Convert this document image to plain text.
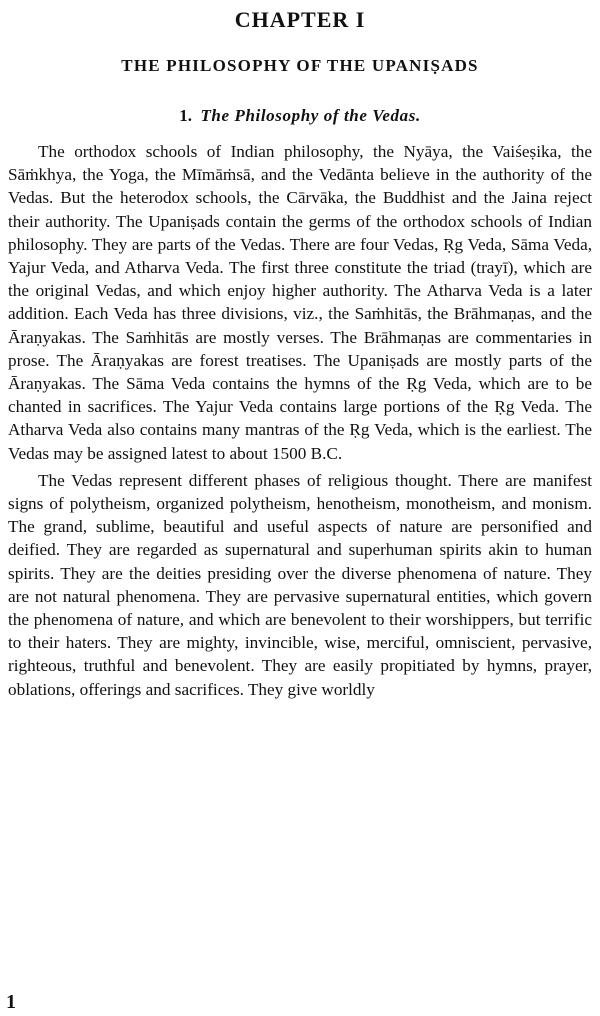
CHAPTER I
THE PHILOSOPHY OF THE UPANIṢADS
1. The Philosophy of the Vedas.

The orthodox schools of Indian philosophy, the Nyāya, the Vaiśeṣika, the Sāṁkhya, the Yoga, the Mīmāṁsā, and the Vedānta believe in the authority of the Vedas. But the heterodox schools, the Cārvāka, the Buddhist and the Jaina reject their authority. The Upaniṣads contain the germs of the orthodox schools of Indian philosophy. They are parts of the Vedas. There are four Vedas, Ṛg Veda, Sāma Veda, Yajur Veda, and Atharva Veda. The first three constitute the triad (trayī), which are the original Vedas, and which enjoy higher authority. The Atharva Veda is a later addition. Each Veda has three divisions, viz., the Saṁhitās, the Brāhmaṇas, and the Āraṇyakas. The Saṁhitās are mostly verses. The Brāhmaṇas are commentaries in prose. The Āraṇyakas are forest treatises. The Upaniṣads are mostly parts of the Āraṇyakas. The Sāma Veda contains the hymns of the Ṛg Veda, which are to be chanted in sacrifices. The Yajur Veda contains large portions of the Ṛg Veda. The Atharva Veda also contains many mantras of the Ṛg Veda, which is the earliest. The Vedas may be assigned latest to about 1500 B.C.

The Vedas represent different phases of religious thought. There are manifest signs of polytheism, organized polytheism, henotheism, monotheism, and monism. The grand, sublime, beautiful and useful aspects of nature are personified and deified. They are regarded as supernatural and superhuman spirits akin to human spirits. They are the deities presiding over the diverse phenomena of nature. They are not natural phenomena. They are pervasive supernatural entities, which govern the phenomena of nature, and which are benevolent to their worshippers, but terrific to their haters. They are mighty, invincible, wise, merciful, omniscient, pervasive, righteous, truthful and benevolent. They are easily propitiated by hymns, prayer, oblations, offerings and sacrifices. They give worldly

1
